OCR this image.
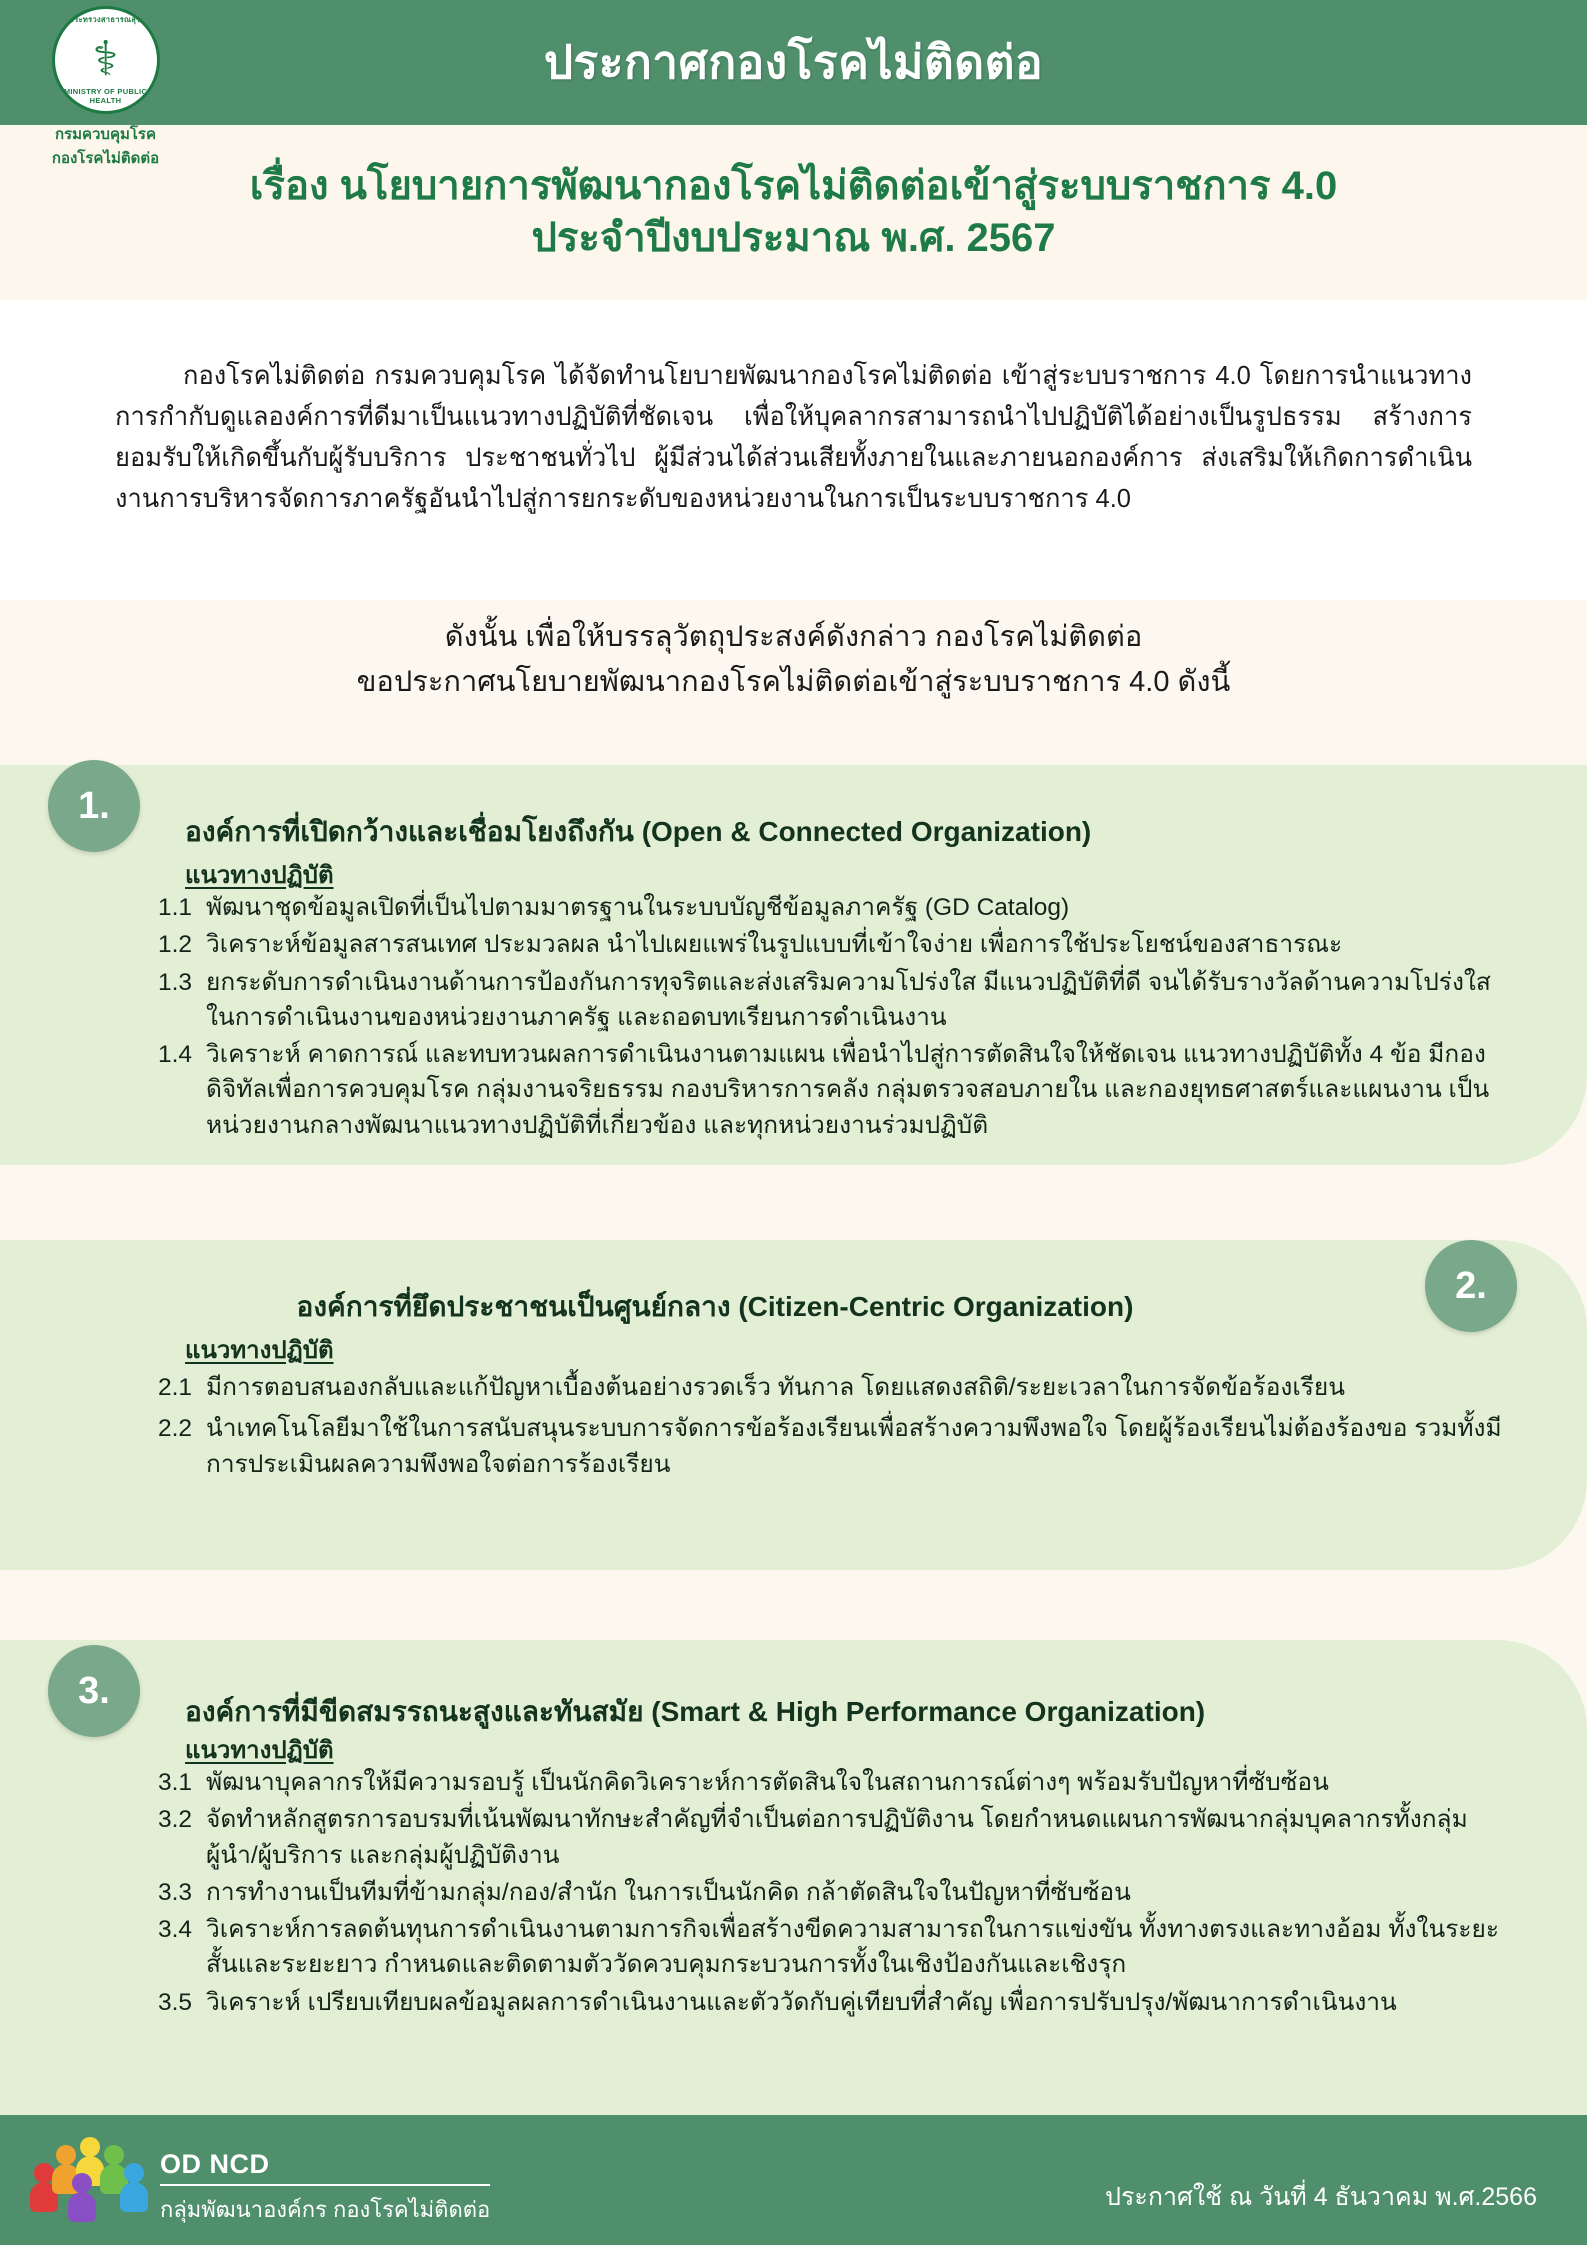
ประกาศกองโรคไม่ติดต่อ
กระทรวงสาธารณสุข
MINISTRY OF PUBLIC HEALTH
⚕
กรมควบคุมโรค
กองโรคไม่ติดต่อ
เรื่อง นโยบายการพัฒนากองโรคไม่ติดต่อเข้าสู่ระบบราชการ 4.0
ประจำปีงบประมาณ พ.ศ. 2567

กองโรคไม่ติดต่อ กรมควบคุมโรค ได้จัดทำนโยบายพัฒนากองโรคไม่ติดต่อ เข้าสู่ระบบราชการ 4.0 โดยการนำแนวทางการกำกับดูแลองค์การที่ดีมาเป็นแนวทางปฏิบัติที่ชัดเจน เพื่อให้บุคลากรสามารถนำไปปฏิบัติได้อย่างเป็นรูปธรรม สร้างการยอมรับให้เกิดขึ้นกับผู้รับบริการ ประชาชนทั่วไป ผู้มีส่วนได้ส่วนเสียทั้งภายในและภายนอกองค์การ ส่งเสริมให้เกิดการดำเนินงานการบริหารจัดการภาครัฐอันนำไปสู่การยกระดับของหน่วยงานในการเป็นระบบราชการ 4.0

ดังนั้น เพื่อให้บรรลุวัตถุประสงค์ดังกล่าว กองโรคไม่ติดต่อ
ขอประกาศนโยบายพัฒนากองโรคไม่ติดต่อเข้าสู่ระบบราชการ 4.0 ดังนี้
1.
องค์การที่เปิดกว้างและเชื่อมโยงถึงกัน (Open & Connected Organization)
แนวทางปฏิบัติ
1.1 พัฒนาชุดข้อมูลเปิดที่เป็นไปตามมาตรฐานในระบบบัญชีข้อมูลภาครัฐ (GD Catalog)
1.2 วิเคราะห์ข้อมูลสารสนเทศ ประมวลผล นำไปเผยแพร่ในรูปแบบที่เข้าใจง่าย เพื่อการใช้ประโยชน์ของสาธารณะ
1.3 ยกระดับการดำเนินงานด้านการป้องกันการทุจริตและส่งเสริมความโปร่งใส มีแนวปฏิบัติที่ดี จนได้รับรางวัลด้านความโปร่งใสในการดำเนินงานของหน่วยงานภาครัฐ และถอดบทเรียนการดำเนินงาน
1.4 วิเคราะห์ คาดการณ์ และทบทวนผลการดำเนินงานตามแผน เพื่อนำไปสู่การตัดสินใจให้ชัดเจน แนวทางปฏิบัติทั้ง 4 ข้อ มีกองดิจิทัลเพื่อการควบคุมโรค กลุ่มงานจริยธรรม กองบริหารการคลัง กลุ่มตรวจสอบภายใน และกองยุทธศาสตร์และแผนงาน เป็นหน่วยงานกลางพัฒนาแนวทางปฏิบัติที่เกี่ยวข้อง และทุกหน่วยงานร่วมปฏิบัติ
2.
องค์การที่ยึดประชาชนเป็นศูนย์กลาง (Citizen-Centric Organization)
แนวทางปฏิบัติ
2.1 มีการตอบสนองกลับและแก้ปัญหาเบื้องต้นอย่างรวดเร็ว ทันกาล โดยแสดงสถิติ/ระยะเวลาในการจัดข้อร้องเรียน
2.2 นำเทคโนโลยีมาใช้ในการสนับสนุนระบบการจัดการข้อร้องเรียนเพื่อสร้างความพึงพอใจ โดยผู้ร้องเรียนไม่ต้องร้องขอ รวมทั้งมีการประเมินผลความพึงพอใจต่อการร้องเรียน
3.	องค์การที่มีขีดสมรรถนะสูงและทันสมัย (Smart & High Performance Organization)
แนวทางปฏิบัติ
3.1 พัฒนาบุคลากรให้มีความรอบรู้ เป็นนักคิดวิเคราะห์การตัดสินใจในสถานการณ์ต่างๆ พร้อมรับปัญหาที่ซับซ้อน
3.2 จัดทำหลักสูตรการอบรมที่เน้นพัฒนาทักษะสำคัญที่จำเป็นต่อการปฏิบัติงาน โดยกำหนดแผนการพัฒนากลุ่มบุคลากรทั้งกลุ่มผู้นำ/ผู้บริการ และกลุ่มผู้ปฏิบัติงาน
3.3 การทำงานเป็นทีมที่ข้ามกลุ่ม/กอง/สำนัก ในการเป็นนักคิด กล้าตัดสินใจในปัญหาที่ซับซ้อน
3.4 วิเคราะห์การลดต้นทุนการดำเนินงานตามการกิจเพื่อสร้างขีดความสามารถในการแข่งขัน ทั้งทางตรงและทางอ้อม ทั้งในระยะสั้นและระยะยาว กำหนดและติดตามตัววัดควบคุมกระบวนการทั้งในเชิงป้องกันและเชิงรุก
3.5 วิเคราะห์ เปรียบเทียบผลข้อมูลผลการดำเนินงานและตัววัดกับคู่เทียบที่สำคัญ เพื่อการปรับปรุง/พัฒนาการดำเนินงาน
OD NCD
กลุ่มพัฒนาองค์กร กองโรคไม่ติดต่อ	ประกาศใช้ ณ วันที่ 4 ธันวาคม พ.ศ.2566
